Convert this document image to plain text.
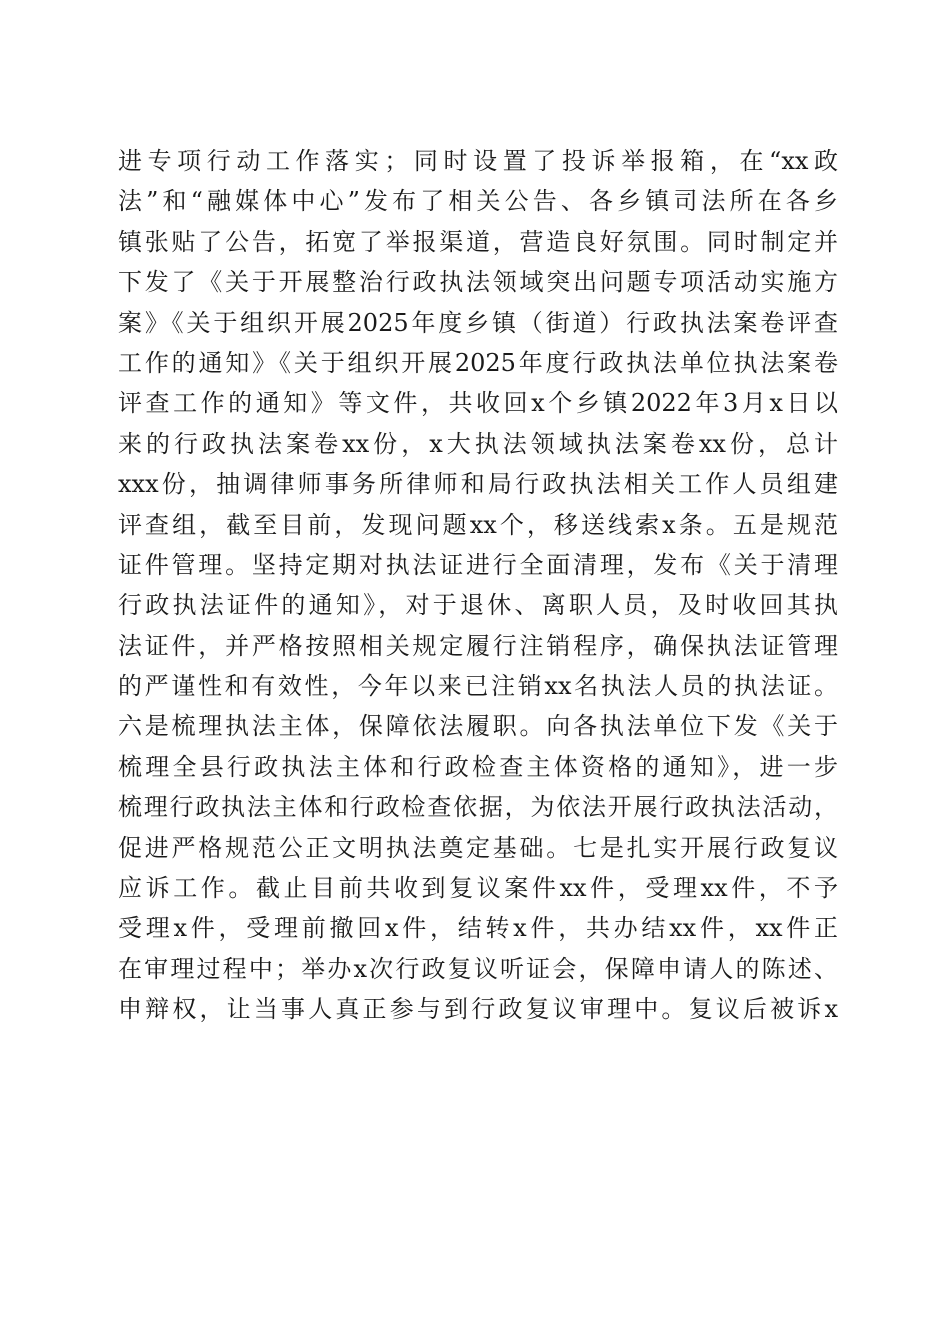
进专项行动工作落实；同时设置了投诉举报箱，在“xx政
法”和“融媒体中心”发布了相关公告、各乡镇司法所在各乡
镇张贴了公告，拓宽了举报渠道，营造良好氛围。同时制定并
下发了《关于开展整治行政执法领域突出问题专项活动实施方
案》《关于组织开展2025年度乡镇（街道）行政执法案卷评查
工作的通知》《关于组织开展2025年度行政执法单位执法案卷
评查工作的通知》等文件，共收回x个乡镇2022年3月x日以
来的行政执法案卷xx份，x大执法领域执法案卷xx份，总计
xxx份，抽调律师事务所律师和局行政执法相关工作人员组建
评查组，截至目前，发现问题xx个，移送线索x条。五是规范
证件管理。坚持定期对执法证进行全面清理，发布《关于清理
行政执法证件的通知》，对于退休、离职人员，及时收回其执
法证件，并严格按照相关规定履行注销程序，确保执法证管理
的严谨性和有效性，今年以来已注销xx名执法人员的执法证。
六是梳理执法主体，保障依法履职。向各执法单位下发《关于
梳理全县行政执法主体和行政检查主体资格的通知》，进一步
梳理行政执法主体和行政检查依据，为依法开展行政执法活动，
促进严格规范公正文明执法奠定基础。七是扎实开展行政复议
应诉工作。截止目前共收到复议案件xx件，受理xx件，不予
受理x件，受理前撤回x件，结转x件，共办结xx件，xx件正
在审理过程中；举办x次行政复议听证会，保障申请人的陈述、
申辩权，让当事人真正参与到行政复议审理中。复议后被诉x
